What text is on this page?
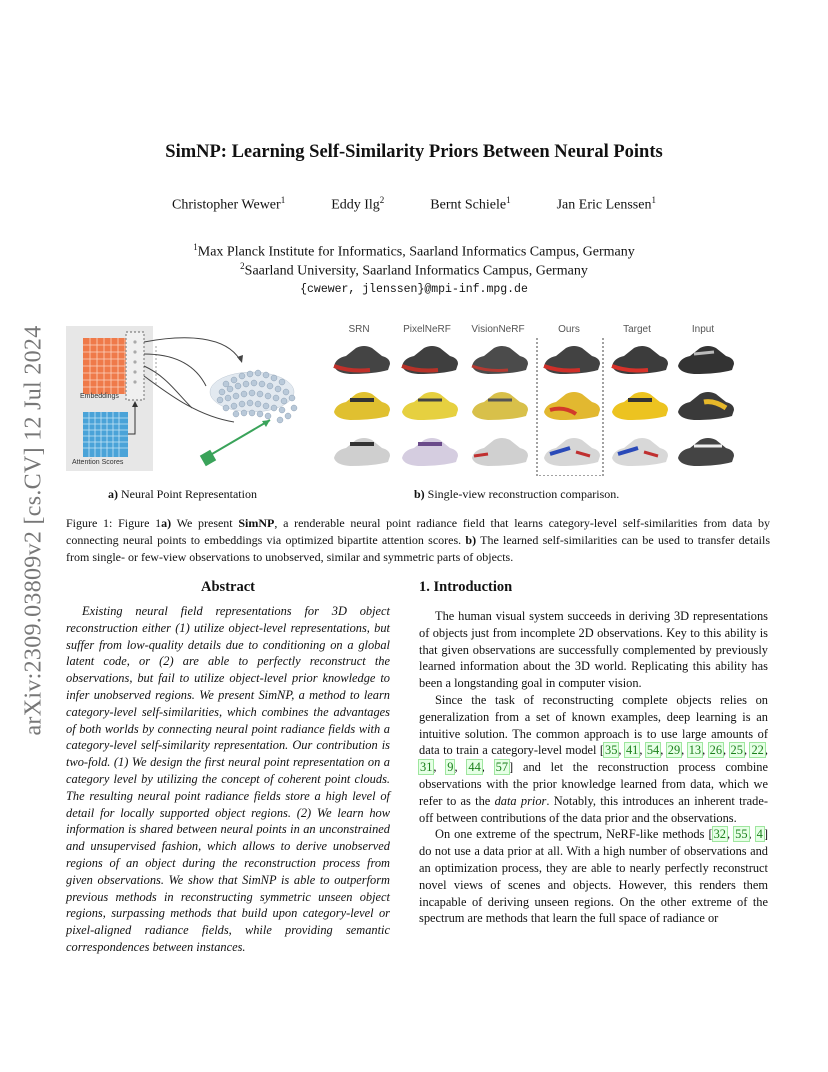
arXiv:2309.03809v2 [cs.CV] 12 Jul 2024
SimNP: Learning Self-Similarity Priors Between Neural Points
Christopher Wewer$^1$	Eddy Ilg$^2$	Bernt Schiele$^1$	Jan Eric Lenssen$^1$
$^1$Max Planck Institute for Informatics, Saarland Informatics Campus, Germany
$^2$Saarland University, Saarland Informatics Campus, Germany
{cwewer, jlenssen}@mpi-inf.mpg.de
Embeddings
Attention Scores
SRN	PixelNeRF	VisionNeRF	Ours	Target	Input
a) Neural Point Representation	b) Single-view reconstruction comparison.
Figure 1: Figure 1a) We present SimNP, a renderable neural point radiance field that learns category-level self-similarities from data by connecting neural points to embeddings via optimized bipartite attention scores. b) The learned self-similarities can be used to transfer details from single- or few-view observations to unobserved, similar and symmetric parts of objects.
Abstract

Existing neural field representations for 3D object reconstruction either (1) utilize object-level representations, but suffer from low-quality details due to conditioning on a global latent code, or (2) are able to perfectly reconstruct the observations, but fail to utilize object-level prior knowledge to infer unobserved regions. We present SimNP, a method to learn category-level self-similarities, which combines the advantages of both worlds by connecting neural point radiance fields with a category-level self-similarity representation. Our contribution is two-fold. (1) We design the first neural point representation on a category level by utilizing the concept of coherent point clouds. The resulting neural point radiance fields store a high level of detail for locally supported object regions. (2) We learn how information is shared between neural points in an unconstrained and unsupervised fashion, which allows to derive unobserved regions of an object during the reconstruction process from given observations. We show that SimNP is able to outperform previous methods in reconstructing symmetric unseen object regions, surpassing methods that build upon category-level or pixel-aligned radiance fields, while providing semantic correspondences between instances.

1. Introduction

The human visual system succeeds in deriving 3D representations of objects just from incomplete 2D observations. Key to this ability is that given observations are successfully complemented by previously learned information about the 3D world. Replicating this ability has been a longstanding goal in computer vision.

Since the task of reconstructing complete objects relies on generalization from a set of known examples, deep learning is an intuitive solution. The common approach is to use large amounts of data to train a category-level model [35, 41, 54, 29, 13, 26, 25, 22, 31, 9, 44, 57] and let the reconstruction process combine observations with the prior knowledge learned from data, which we refer to as the data prior. Notably, this introduces an inherent trade-off between contributions of the data prior and the observations.

On one extreme of the spectrum, NeRF-like methods [32, 55, 4] do not use a data prior at all. With a high number of observations and an optimization process, they are able to nearly perfectly reconstruct novel views of scenes and objects. However, this renders them incapable of deriving unseen regions. On the other extreme of the spectrum are methods that learn the full space of radiance or
